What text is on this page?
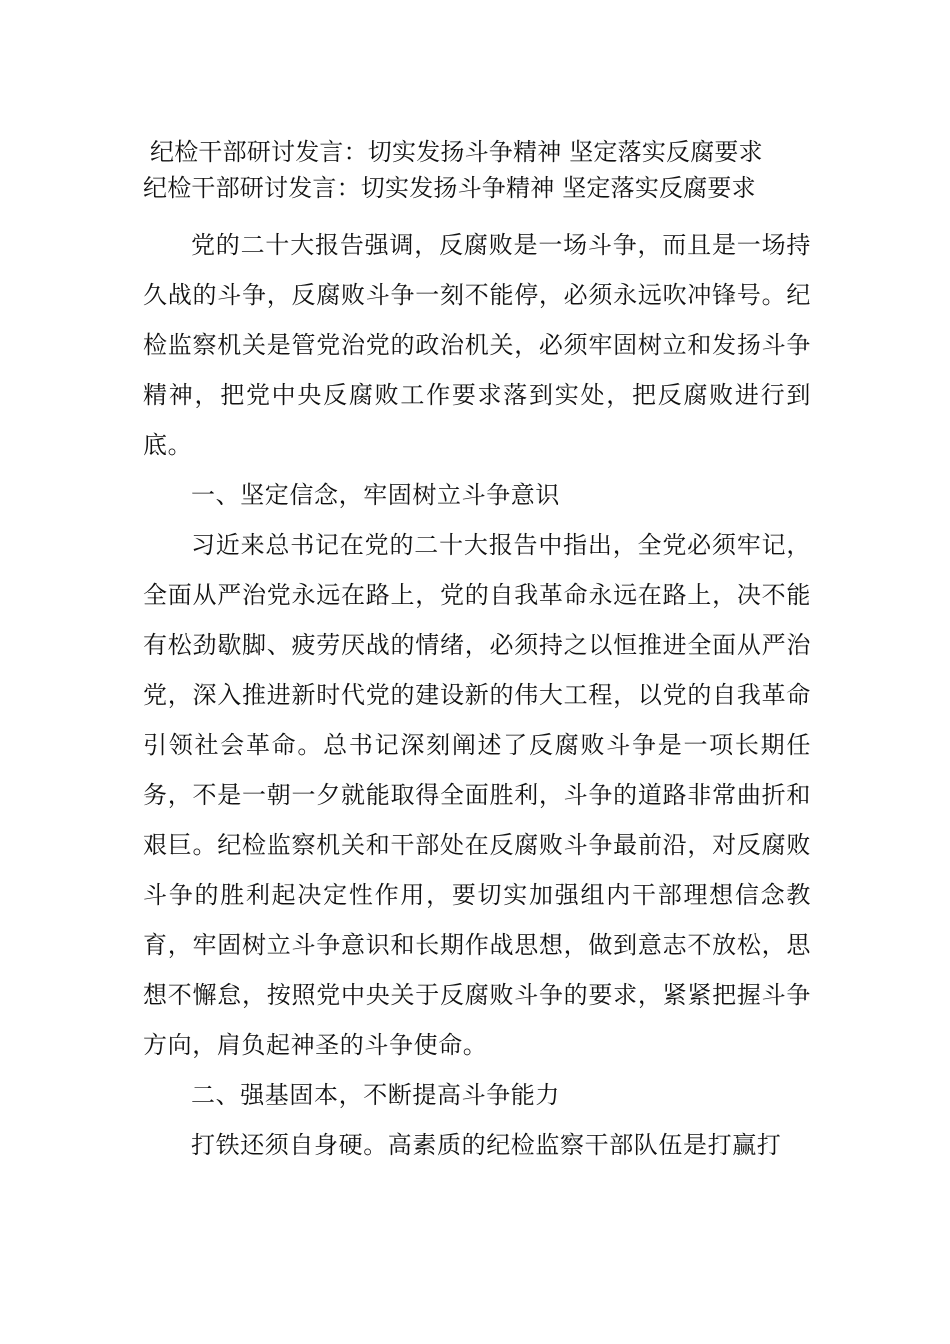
纪检干部研讨发言：切实发扬斗争精神 坚定落实反腐要求
纪检干部研讨发言：切实发扬斗争精神 坚定落实反腐要求

党的二十大报告强调，反腐败是一场斗争，而且是一场持久战的斗争，反腐败斗争一刻不能停，必须永远吹冲锋号。纪检监察机关是管党治党的政治机关，必须牢固树立和发扬斗争精神，把党中央反腐败工作要求落到实处，把反腐败进行到底。

一、坚定信念，牢固树立斗争意识

习近来总书记在党的二十大报告中指出，全党必须牢记，全面从严治党永远在路上，党的自我革命永远在路上，决不能有松劲歇脚、疲劳厌战的情绪，必须持之以恒推进全面从严治党，深入推进新时代党的建设新的伟大工程，以党的自我革命引领社会革命。总书记深刻阐述了反腐败斗争是一项长期任务，不是一朝一夕就能取得全面胜利，斗争的道路非常曲折和艰巨。纪检监察机关和干部处在反腐败斗争最前沿，对反腐败斗争的胜利起决定性作用，要切实加强组内干部理想信念教育，牢固树立斗争意识和长期作战思想，做到意志不放松，思想不懈怠，按照党中央关于反腐败斗争的要求，紧紧把握斗争方向，肩负起神圣的斗争使命。

二、强基固本，不断提高斗争能力

打铁还须自身硬。高素质的纪检监察干部队伍是打赢打
